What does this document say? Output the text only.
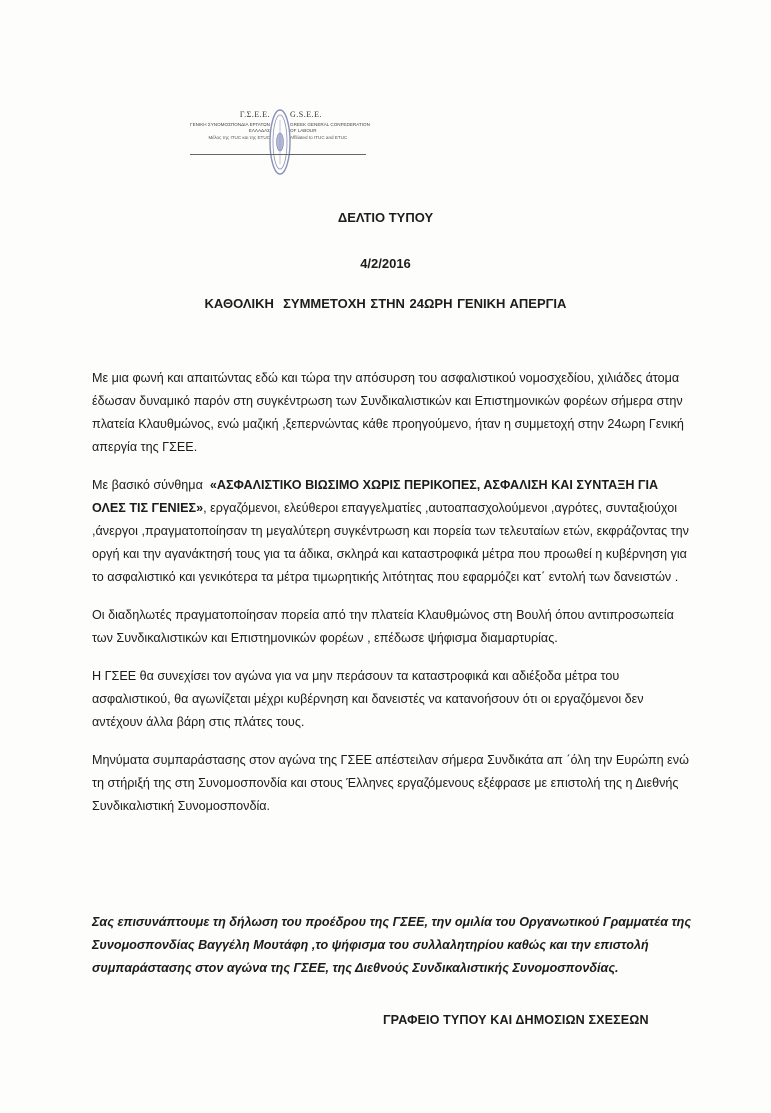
Γ.Σ.Ε.Ε.
ΓΕΝΙΚΗ ΣΥΝΟΜΟΣΠΟΝΔΙΑ ΕΡΓΑΤΩΝ ΕΛΛΑΔΑΣ
Μέλος της ITUC και της ETUC
G.S.E.E.
GREEK GENERAL CONFEDERATION OF LABOUR
Affiliated to ITUC and ETUC
ΔΕΛΤΙΟ ΤΥΠΟΥ
4/2/2016
ΚΑΘΟΛΙΚΗ  ΣΥΜΜΕΤΟΧΗ ΣΤΗΝ 24ΩΡΗ ΓΕΝΙΚΗ ΑΠΕΡΓΙΑ

Με μια φωνή και απαιτώντας εδώ και τώρα την απόσυρση του ασφαλιστικού νομοσχεδίου, χιλιάδες άτομα έδωσαν δυναμικό παρόν στη συγκέντρωση των Συνδικαλιστικών και Επιστημονικών φορέων σήμερα στην πλατεία Κλαυθμώνος, ενώ μαζική ,ξεπερνώντας κάθε προηγούμενο, ήταν η συμμετοχή στην 24ωρη Γενική απεργία της ΓΣΕΕ.

Με βασικό σύνθημα  «ΑΣΦΑΛΙΣΤΙΚΟ ΒΙΩΣΙΜΟ ΧΩΡΙΣ ΠΕΡΙΚΟΠΕΣ, ΑΣΦΑΛΙΣΗ ΚΑΙ ΣΥΝΤΑΞΗ ΓΙΑ ΟΛΕΣ ΤΙΣ ΓΕΝΙΕΣ», εργαζόμενοι, ελεύθεροι επαγγελματίες ,αυτοαπασχολούμενοι ,αγρότες, συνταξιούχοι ,άνεργοι ,πραγματοποίησαν τη μεγαλύτερη συγκέντρωση και πορεία των τελευταίων ετών, εκφράζοντας την οργή και την αγανάκτησή τους για τα άδικα, σκληρά και καταστροφικά μέτρα που προωθεί η κυβέρνηση για το ασφαλιστικό και γενικότερα τα μέτρα τιμωρητικής λιτότητας που εφαρμόζει κατ΄ εντολή των δανειστών .

Οι διαδηλωτές πραγματοποίησαν πορεία από την πλατεία Κλαυθμώνος στη Βουλή όπου αντιπροσωπεία των Συνδικαλιστικών και Επιστημονικών φορέων , επέδωσε ψήφισμα διαμαρτυρίας.

Η ΓΣΕΕ θα συνεχίσει τον αγώνα για να μην περάσουν τα καταστροφικά και αδιέξοδα μέτρα του ασφαλιστικού, θα αγωνίζεται μέχρι κυβέρνηση και δανειστές να κατανοήσουν ότι οι εργαζόμενοι δεν αντέχουν άλλα βάρη στις πλάτες τους.

Μηνύματα συμπαράστασης στον αγώνα της ΓΣΕΕ απέστειλαν σήμερα Συνδικάτα απ ΄όλη την Ευρώπη ενώ τη στήριξή της στη Συνομοσπονδία και στους Έλληνες εργαζόμενους εξέφρασε με επιστολή της η Διεθνής Συνδικαλιστική Συνομοσπονδία.

Σας επισυνάπτουμε τη δήλωση του προέδρου της ΓΣΕΕ, την ομιλία του Οργανωτικού Γραμματέα της Συνομοσπονδίας Βαγγέλη Μουτάφη ,το ψήφισμα του συλλαλητηρίου καθώς και την επιστολή συμπαράστασης στον αγώνα της ΓΣΕΕ, της Διεθνούς Συνδικαλιστικής Συνομοσπονδίας.

ΓΡΑΦΕΙΟ ΤΥΠΟΥ ΚΑΙ ΔΗΜΟΣΙΩΝ ΣΧΕΣΕΩΝ
